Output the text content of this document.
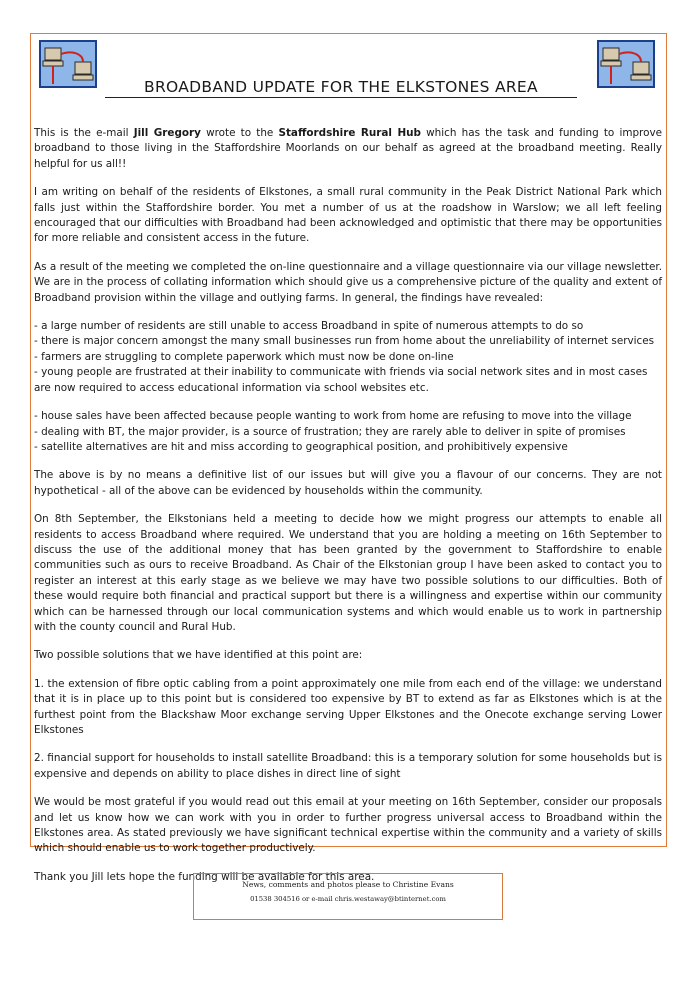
BROADBAND UPDATE FOR THE ELKSTONES AREA

This is the e-mail Jill Gregory wrote to the Staffordshire Rural Hub which has the task and funding to improve broadband to those living in the Staffordshire Moorlands on our behalf as agreed at the broadband meeting. Really helpful for us all!!

I am writing on behalf of the residents of Elkstones, a small rural community in the Peak District National Park which falls just within the Staffordshire border. You met a number of us at the roadshow in Warslow; we all left feeling encouraged that our difficulties with Broadband had been acknowledged and optimistic that there may be opportunities for more reliable and consistent access in the future.

As a result of the meeting we completed the on-line questionnaire and a village questionnaire via our village newsletter. We are in the process of collating information which should give us a comprehensive picture of the quality and extent of Broadband provision within the village and outlying farms. In general, the findings have revealed:

- a large number of residents are still unable to access Broadband in spite of numerous attempts to do so
- there is major concern amongst the many small businesses run from home about the unreliability of internet services
- farmers are struggling to complete paperwork which must now be done on-line
- young people are frustrated at their inability to communicate with friends via social network sites and in most cases are now required to access educational information via school websites etc.
- house sales have been affected because people wanting to work from home are refusing to move into the village
- dealing with BT, the major provider, is a source of frustration; they are rarely able to deliver in spite of promises
- satellite alternatives are hit and miss according to geographical position, and prohibitively expensive

The above is by no means a definitive list of our issues but will give you a flavour of our concerns. They are not hypothetical - all of the above can be evidenced by households within the community.

On 8th September, the Elkstonians held a meeting to decide how we might progress our attempts to enable all residents to access Broadband where required. We understand that you are holding a meeting on 16th September to discuss the use of the additional money that has been granted by the government to Staffordshire to enable communities such as ours to receive Broadband. As Chair of the Elkstonian group I have been asked to contact you to register an interest at this early stage as we believe we may have two possible solutions to our difficulties. Both of these would require both financial and practical support but there is a willingness and expertise within our community which can be harnessed through our local communication systems and which would enable us to work in partnership with the county council and Rural Hub.

Two possible solutions that we have identified at this point are:

1. the extension of fibre optic cabling from a point approximately one mile from each end of the village: we understand that it is in place up to this point but is considered too expensive by BT to extend as far as Elkstones which is at the furthest point from the Blackshaw Moor exchange serving Upper Elkstones and the Onecote exchange serving Lower Elkstones

2. financial support for households to install satellite Broadband: this is a temporary solution for some households but is expensive and depends on ability to place dishes in direct line of sight

We would be most grateful if you would read out this email at your meeting on 16th September, consider our proposals and let us know how we can work with you in order to further progress universal access to Broadband within the Elkstones area. As stated previously we have significant technical expertise within the community and a variety of skills which should enable us to work together productively.

Thank you Jill lets hope the funding will be available for this area.

News, comments and photos please to Christine Evans
01538 304516 or e-mail chris.westaway@btinternet.com
